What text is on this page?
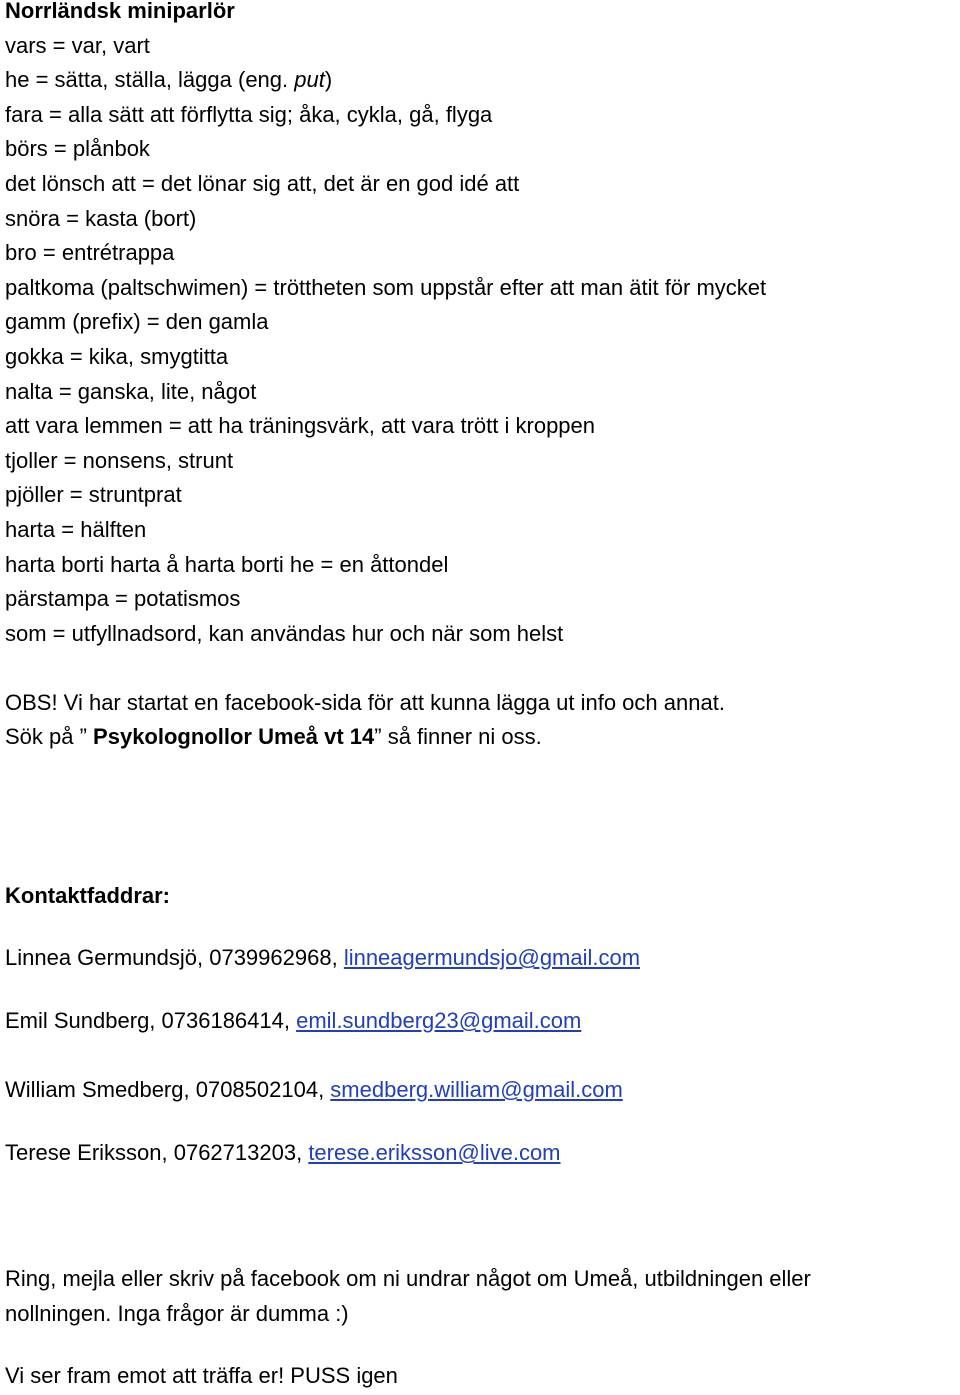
Norrländsk miniparlör
vars = var, vart
he = sätta, ställa, lägga (eng. put)
fara = alla sätt att förflytta sig; åka, cykla, gå, flyga
börs = plånbok
det lönsch att = det lönar sig att, det är en god idé att
snöra = kasta (bort)
bro = entrétrappa
paltkoma (paltschwimen) = tröttheten som uppstår efter att man ätit för mycket
gamm (prefix) = den gamla
gokka = kika, smygtitta
nalta = ganska, lite, något
att vara lemmen = att ha träningsvärk, att vara trött i kroppen
tjoller = nonsens, strunt
pjöller = struntprat
harta = hälften
harta borti harta å harta borti he = en åttondel
pärstampa = potatismos
som = utfyllnadsord, kan användas hur och när som helst
OBS! Vi har startat en facebook-sida för att kunna lägga ut info och annat.
Sök på ” Psykolognollor Umeå vt 14” så finner ni oss.
Kontaktfaddrar:
Linnea Germundsjö, 0739962968, linneagermundsjo@gmail.com
Emil Sundberg, 0736186414, emil.sundberg23@gmail.com
William Smedberg, 0708502104, smedberg.william@gmail.com
Terese Eriksson, 0762713203, terese.eriksson@live.com
Ring, mejla eller skriv på facebook om ni undrar något om Umeå, utbildningen eller
nollningen. Inga frågor är dumma :)
Vi ser fram emot att träffa er! PUSS igen
